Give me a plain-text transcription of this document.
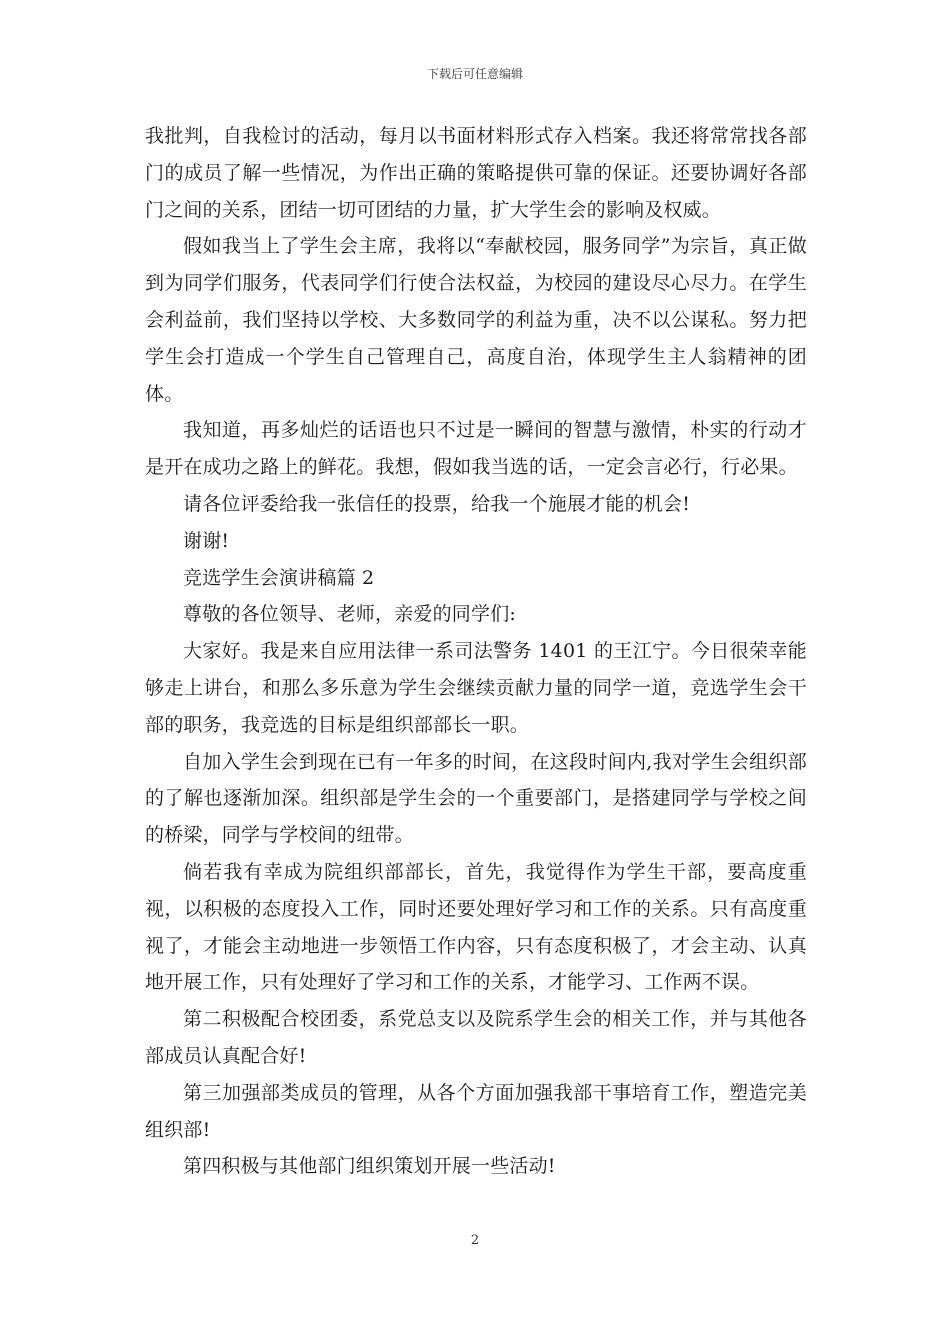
下载后可任意编辑

我批判，自我检讨的活动，每月以书面材料形式存入档案。我还将常常找各部门的成员了解一些情况，为作出正确的策略提供可靠的保证。还要协调好各部门之间的关系，团结一切可团结的力量，扩大学生会的影响及权威。

假如我当上了学生会主席，我将以“奉献校园，服务同学”为宗旨，真正做到为同学们服务，代表同学们行使合法权益，为校园的建设尽心尽力。在学生会利益前，我们坚持以学校、大多数同学的利益为重，决不以公谋私。努力把学生会打造成一个学生自己管理自己，高度自治，体现学生主人翁精神的团体。

我知道，再多灿烂的话语也只不过是一瞬间的智慧与激情，朴实的行动才是开在成功之路上的鲜花。我想，假如我当选的话，一定会言必行，行必果。

请各位评委给我一张信任的投票，给我一个施展才能的机会!

谢谢!

竞选学生会演讲稿篇 2

尊敬的各位领导、老师，亲爱的同学们:

大家好。我是来自应用法律一系司法警务 1401 的王江宁。今日很荣幸能够走上讲台，和那么多乐意为学生会继续贡献力量的同学一道，竞选学生会干部的职务，我竞选的目标是组织部部长一职。

自加入学生会到现在已有一年多的时间，在这段时间内,我对学生会组织部的了解也逐渐加深。组织部是学生会的一个重要部门，是搭建同学与学校之间的桥梁，同学与学校间的纽带。

倘若我有幸成为院组织部部长，首先，我觉得作为学生干部，要高度重视，以积极的态度投入工作，同时还要处理好学习和工作的关系。只有高度重视了，才能会主动地进一步领悟工作内容，只有态度积极了，才会主动、认真地开展工作，只有处理好了学习和工作的关系，才能学习、工作两不误。

第二积极配合校团委，系党总支以及院系学生会的相关工作，并与其他各部成员认真配合好!

第三加强部类成员的管理，从各个方面加强我部干事培育工作，塑造完美组织部!

第四积极与其他部门组织策划开展一些活动!

2
